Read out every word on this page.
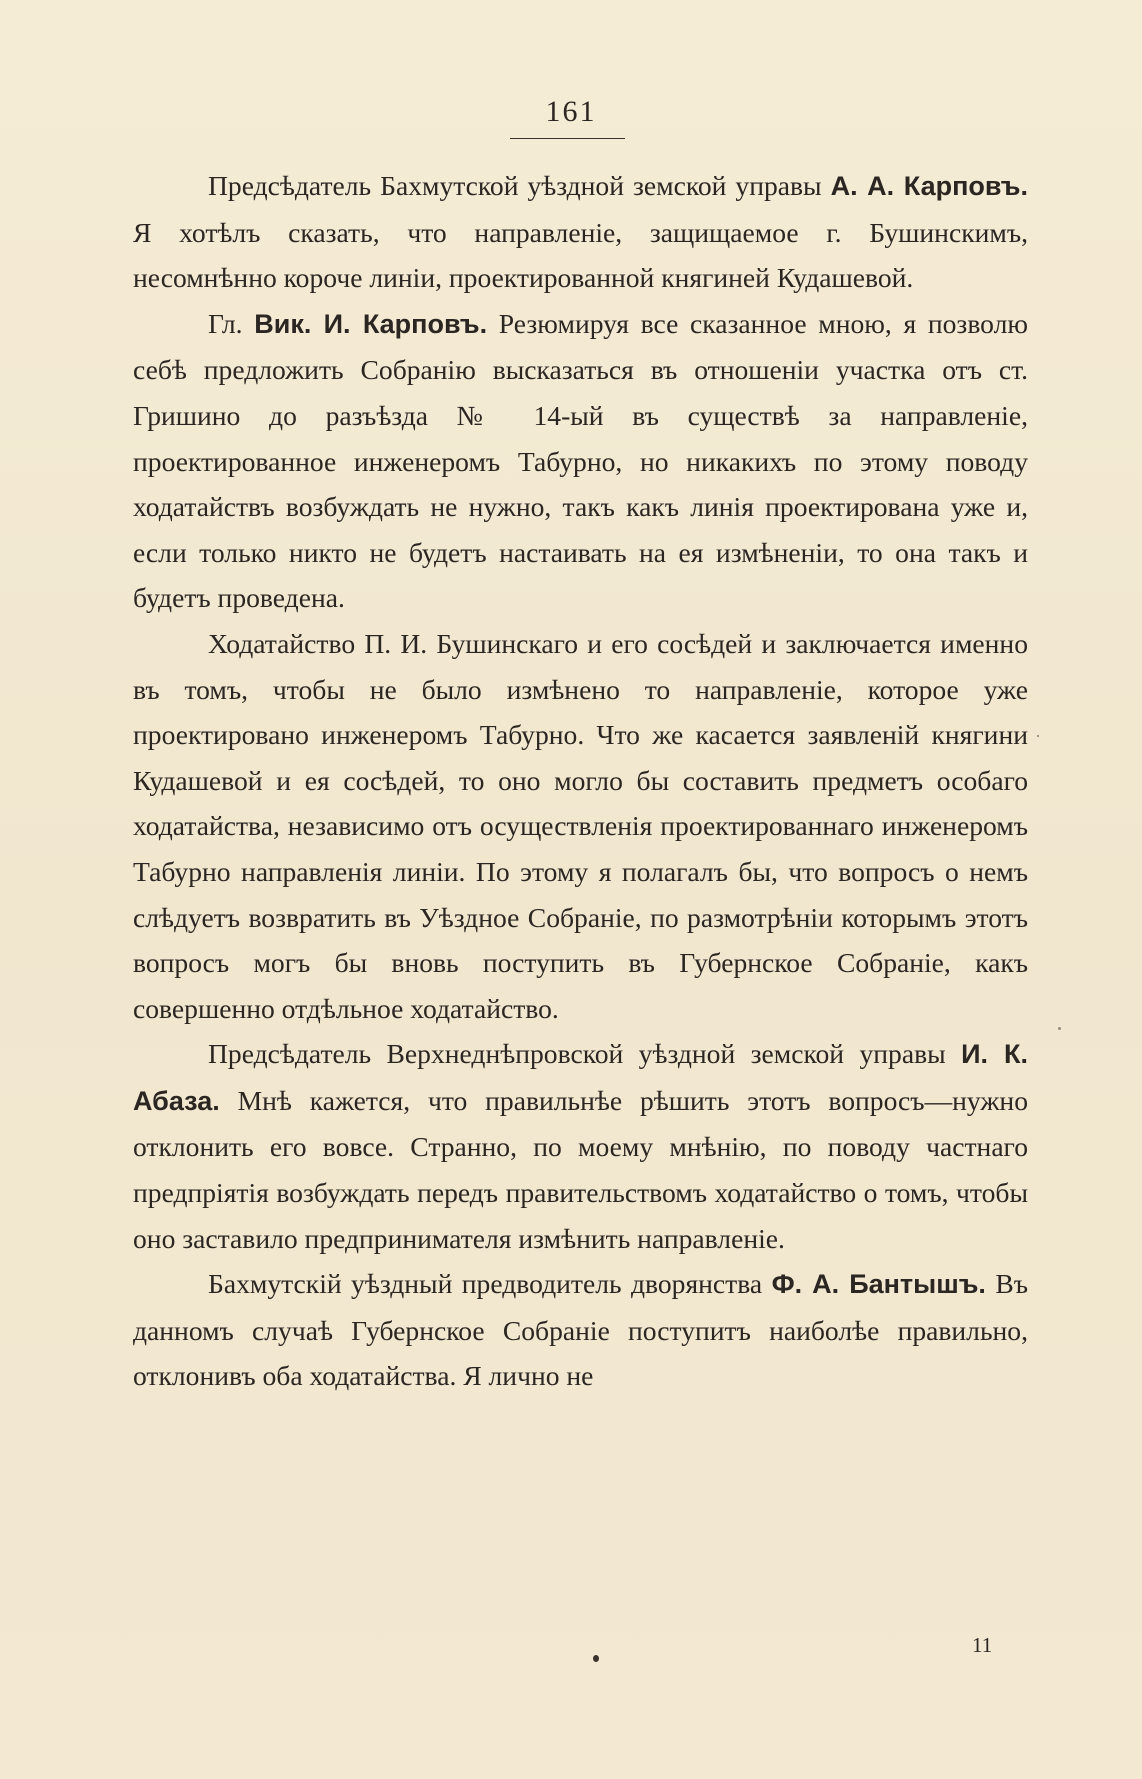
161

Предсѣдатель Бахмутской уѣздной земской управы А. А. Карповъ. Я хотѣлъ сказать, что направленіе, защищаемое г. Бушинскимъ, несомнѣнно короче линіи, проектированной княгиней Кудашевой.

Гл. Вик. И. Карповъ. Резюмируя все сказанное мною, я позволю себѣ предложить Собранію высказаться въ отношеніи участка отъ ст. Гришино до разъѣзда № 14-ый въ существѣ за направленіе, проектированное инженеромъ Табурно, но никакихъ по этому поводу ходатайствъ возбуждать не нужно, такъ какъ линія проектирована уже и, если только никто не будетъ настаивать на ея измѣненіи, то она такъ и будетъ проведена.

Ходатайство П. И. Бушинскаго и его сосѣдей и заключается именно въ томъ, чтобы не было измѣнено то направленіе, которое уже проектировано инженеромъ Табурно. Что же касается заявленій княгини Кудашевой и ея сосѣдей, то оно могло бы составить предметъ особаго ходатайства, независимо отъ осуществленія проектированнаго инженеромъ Табурно направленія линіи. По этому я полагалъ бы, что вопросъ о немъ слѣдуетъ возвратить въ Уѣздное Собраніе, по размотрѣніи которымъ этотъ вопросъ могъ бы вновь поступить въ Губернское Собраніе, какъ совершенно отдѣльное ходатайство.

Предсѣдатель Верхнеднѣпровской уѣздной земской управы И. К. Абаза. Мнѣ кажется, что правильнѣе рѣшить этотъ вопросъ—нужно отклонить его вовсе. Странно, по моему мнѣнію, по поводу частнаго предпріятія возбуждать передъ правительствомъ ходатайство о томъ, чтобы оно заставило предпринимателя измѣнить направленіе.

Бахмутскій уѣздный предводитель дворянства Ф. А. Бантышъ. Въ данномъ случаѣ Губернское Собраніе поступитъ наиболѣе правильно, отклонивъ оба ходатайства. Я лично не

11
